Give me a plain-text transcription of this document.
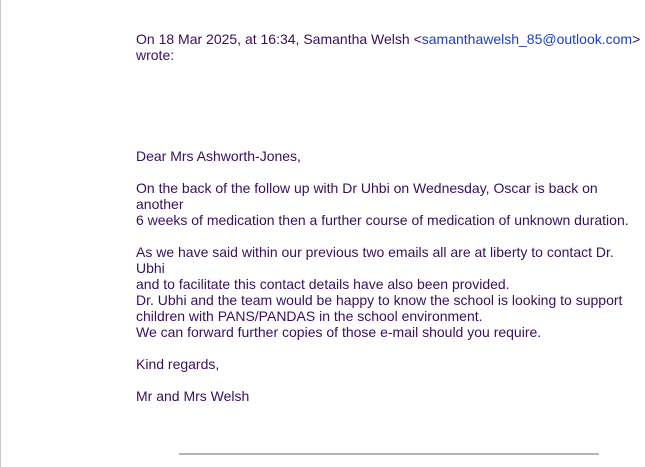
On 18 Mar 2025, at 16:34, Samantha Welsh <samanthawelsh_85@outlook.com>
wrote:
Dear Mrs Ashworth-Jones,
On the back of the follow up with Dr Uhbi on Wednesday, Oscar is back on another
6 weeks of medication then a further course of medication of unknown duration.
As we have said within our previous two emails all are at liberty to contact Dr. Ubhi
and to facilitate this contact details have also been provided.
Dr. Ubhi and the team would be happy to know the school is looking to support
children with PANS/PANDAS in the school environment.
We can forward further copies of those e-mail should you require.
Kind regards,
Mr and Mrs Welsh
